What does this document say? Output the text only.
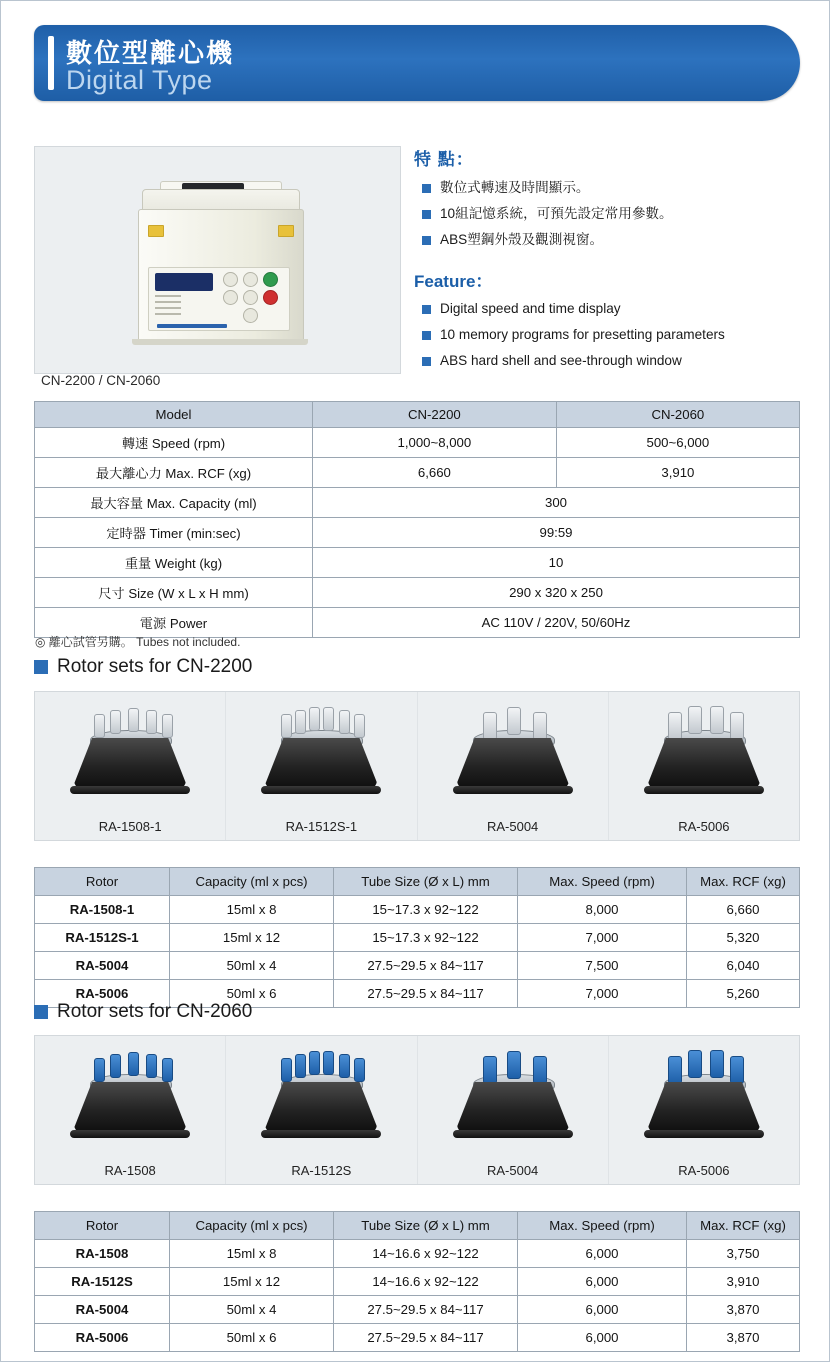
數位型離心機
Digital Type
CN-2200 / CN-2060
特 點：
數位式轉速及時間顯示。
10組記憶系統，可預先設定常用參數。
ABS塑鋼外殼及觀測視窗。
Feature：
Digital speed and time display
10 memory programs for presetting parameters
ABS hard shell and see-through window
Model	CN-2200	CN-2060
轉速 Speed (rpm)	1,000~8,000	500~6,000
最大離心力 Max. RCF (xg)	6,660	3,910
最大容量 Max. Capacity (ml)	300	
定時器 Timer (min:sec)	99:59	
重量 Weight (kg)	10	
尺寸 Size (W x L x H mm)	290 x 320 x 250	
電源 Power	AC 110V / 220V, 50/60Hz	
◎ 離心試管另購。 Tubes not included.
Rotor sets for CN-2200
RA-1508-1	RA-1512S-1	RA-5004	RA-5006
Rotor	Capacity (ml x pcs)	Tube Size (Ø x L) mm	Max. Speed (rpm)	Max. RCF (xg)
RA-1508-1	15ml x 8	15~17.3 x 92~122	8,000	6,660
RA-1512S-1	15ml x 12	15~17.3 x 92~122	7,000	5,320
RA-5004	50ml x 4	27.5~29.5 x 84~117	7,500	6,040
RA-5006	50ml x 6	27.5~29.5 x 84~117	7,000	5,260
Rotor sets for CN-2060
RA-1508	RA-1512S	RA-5004	RA-5006
Rotor	Capacity (ml x pcs)	Tube Size (Ø x L) mm	Max. Speed (rpm)	Max. RCF (xg)
RA-1508	15ml x 8	14~16.6 x 92~122	6,000	3,750
RA-1512S	15ml x 12	14~16.6 x 92~122	6,000	3,910
RA-5004	50ml x 4	27.5~29.5 x 84~117	6,000	3,870
RA-5006	50ml x 6	27.5~29.5 x 84~117	6,000	3,870
